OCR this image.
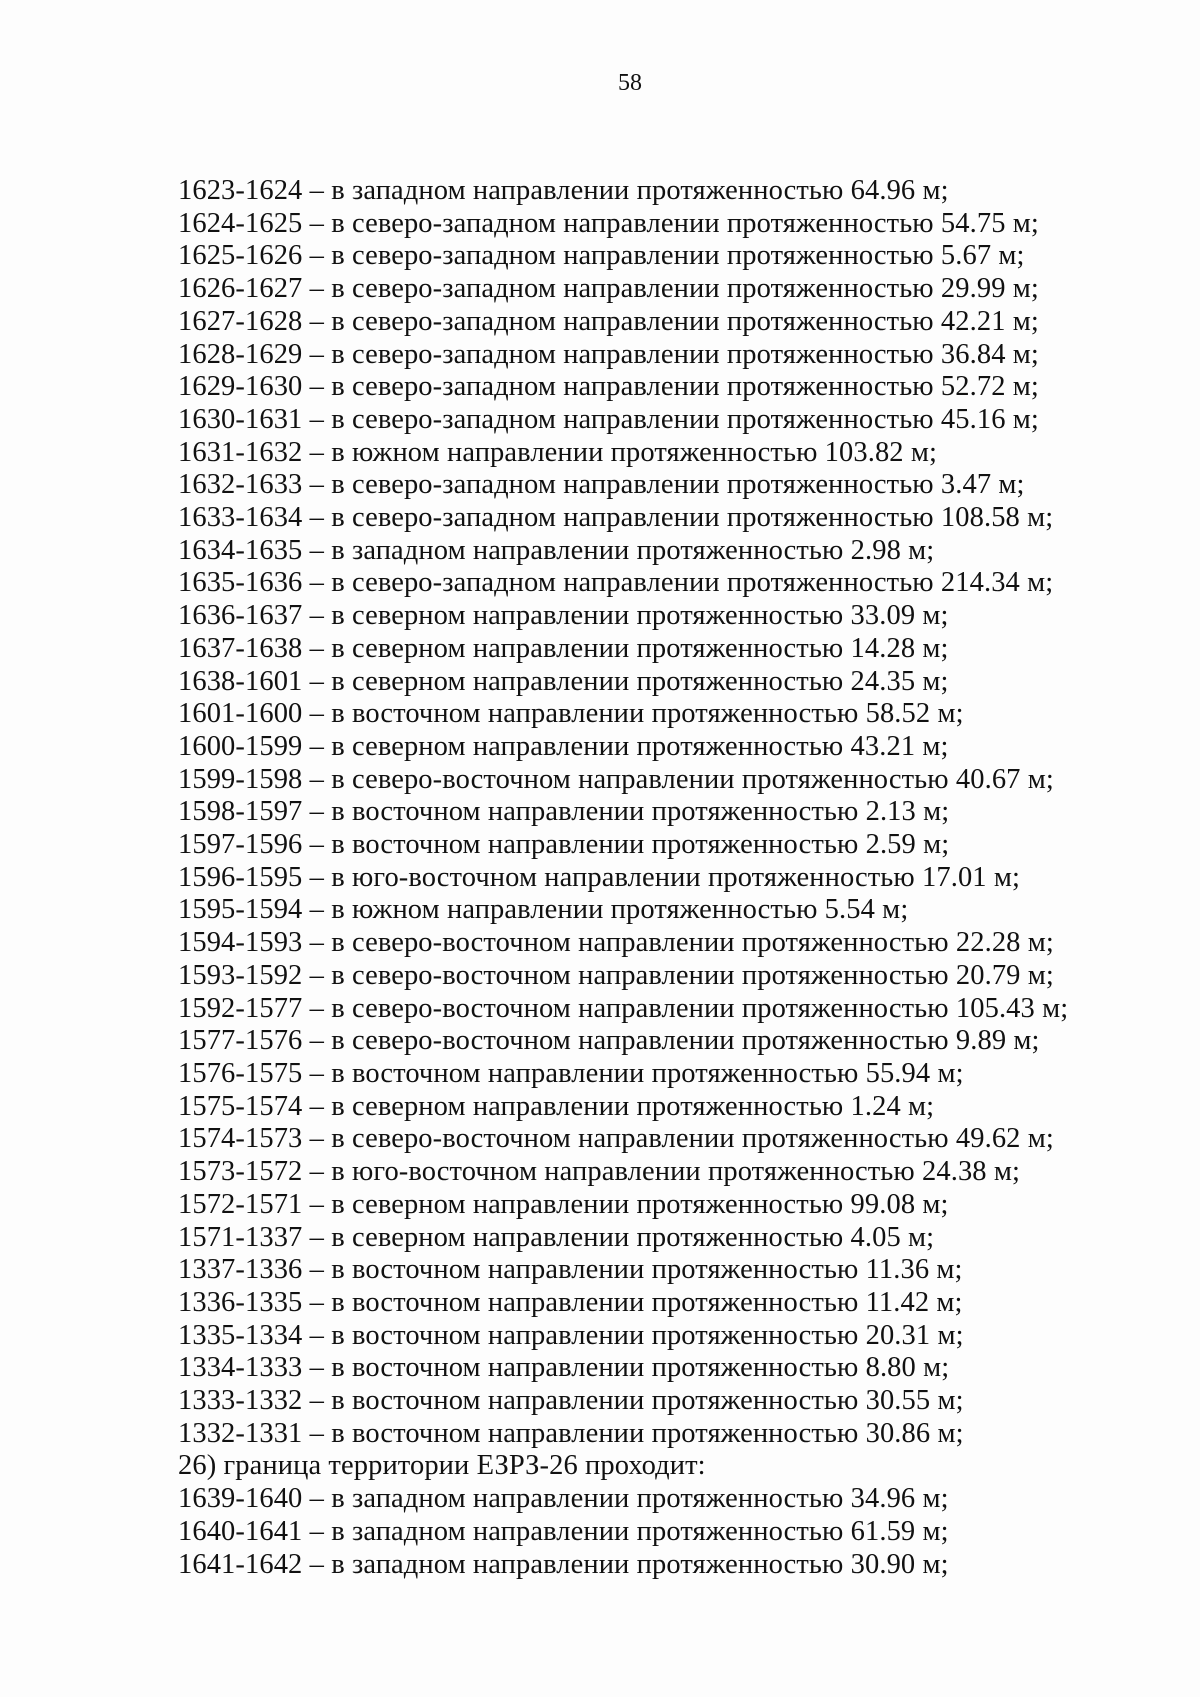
58
1623-1624 – в западном направлении протяженностью 64.96 м;
1624-1625 – в северо-западном направлении протяженностью 54.75 м;
1625-1626 – в северо-западном направлении протяженностью 5.67 м;
1626-1627 – в северо-западном направлении протяженностью 29.99 м;
1627-1628 – в северо-западном направлении протяженностью 42.21 м;
1628-1629 – в северо-западном направлении протяженностью 36.84 м;
1629-1630 – в северо-западном направлении протяженностью 52.72 м;
1630-1631 – в северо-западном направлении протяженностью 45.16 м;
1631-1632 – в южном направлении протяженностью 103.82 м;
1632-1633 – в северо-западном направлении протяженностью 3.47 м;
1633-1634 – в северо-западном направлении протяженностью 108.58 м;
1634-1635 – в западном направлении протяженностью 2.98 м;
1635-1636 – в северо-западном направлении протяженностью 214.34 м;
1636-1637 – в северном направлении протяженностью 33.09 м;
1637-1638 – в северном направлении протяженностью 14.28 м;
1638-1601 – в северном направлении протяженностью 24.35 м;
1601-1600 – в восточном направлении протяженностью 58.52 м;
1600-1599 – в северном направлении протяженностью 43.21 м;
1599-1598 – в северо-восточном направлении протяженностью 40.67 м;
1598-1597 – в восточном направлении протяженностью 2.13 м;
1597-1596 – в восточном направлении протяженностью 2.59 м;
1596-1595 – в юго-восточном направлении протяженностью 17.01 м;
1595-1594 – в южном направлении протяженностью 5.54 м;
1594-1593 – в северо-восточном направлении протяженностью 22.28 м;
1593-1592 – в северо-восточном направлении протяженностью 20.79 м;
1592-1577 – в северо-восточном направлении протяженностью 105.43 м;
1577-1576 – в северо-восточном направлении протяженностью 9.89 м;
1576-1575 – в восточном направлении протяженностью 55.94 м;
1575-1574 – в северном направлении протяженностью 1.24 м;
1574-1573 – в северо-восточном направлении протяженностью 49.62 м;
1573-1572 – в юго-восточном направлении протяженностью 24.38 м;
1572-1571 – в северном направлении протяженностью 99.08 м;
1571-1337 – в северном направлении протяженностью 4.05 м;
1337-1336 – в восточном направлении протяженностью 11.36 м;
1336-1335 – в восточном направлении протяженностью 11.42 м;
1335-1334 – в восточном направлении протяженностью 20.31 м;
1334-1333 – в восточном направлении протяженностью 8.80 м;
1333-1332 – в восточном направлении протяженностью 30.55 м;
1332-1331 – в восточном направлении протяженностью 30.86 м;
26) граница территории ЕЗРЗ-26 проходит:
1639-1640 – в западном направлении протяженностью 34.96 м;
1640-1641 – в западном направлении протяженностью 61.59 м;
1641-1642 – в западном направлении протяженностью 30.90 м;
